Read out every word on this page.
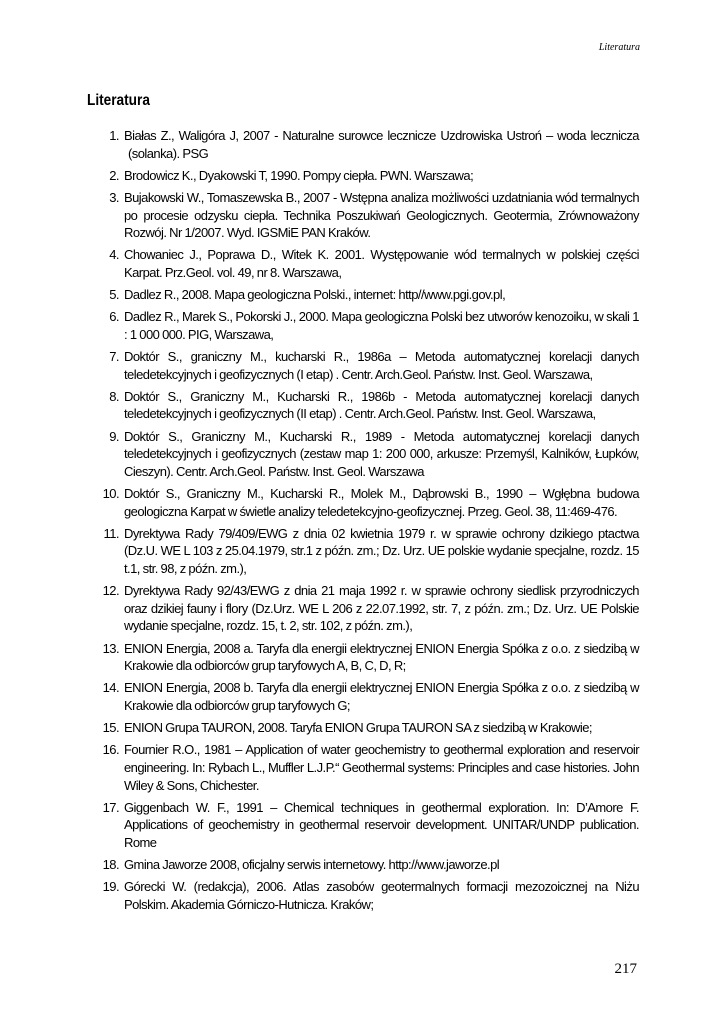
Literatura
Literatura
1. Białas Z., Waligóra J, 2007 - Naturalne surowce lecznicze Uzdrowiska Ustroń – woda lecznicza (solanka). PSG
2. Brodowicz K., Dyakowski T, 1990. Pompy ciepła. PWN. Warszawa;
3. Bujakowski W., Tomaszewska B., 2007 - Wstępna analiza możliwości uzdatniania wód termalnych po procesie odzysku ciepła. Technika Poszukiwań Geologicznych. Geotermia, Zrównoważony Rozwój. Nr 1/2007. Wyd. IGSMiE PAN Kraków.
4. Chowaniec J., Poprawa D., Witek K. 2001. Występowanie wód termalnych w polskiej części Karpat. Prz.Geol. vol. 49, nr 8. Warszawa,
5. Dadlez R., 2008. Mapa geologiczna Polski., internet: http//www.pgi.gov.pl,
6. Dadlez R., Marek S., Pokorski J., 2000. Mapa geologiczna Polski bez utworów kenozoiku, w skali 1 : 1 000 000. PIG, Warszawa,
7. Doktór S., graniczny M., kucharski R., 1986a – Metoda automatycznej korelacji danych teledetekcyjnych i geofizycznych (I etap) . Centr. Arch.Geol. Państw. Inst. Geol. Warszawa,
8. Doktór S., Graniczny M., Kucharski R., 1986b - Metoda automatycznej korelacji danych teledetekcyjnych i geofizycznych (II etap) . Centr. Arch.Geol. Państw. Inst. Geol. Warszawa,
9. Doktór S., Graniczny M., Kucharski R., 1989 - Metoda automatycznej korelacji danych teledetekcyjnych i geofizycznych (zestaw map 1: 200 000, arkusze: Przemyśl, Kalników, Łupków, Cieszyn). Centr. Arch.Geol. Państw. Inst. Geol. Warszawa
10. Doktór S., Graniczny M., Kucharski R., Molek M., Dąbrowski B., 1990 – Wgłębna budowa geologiczna Karpat w świetle analizy teledetekcyjno-geofizycznej. Przeg. Geol. 38, 11:469-476.
11. Dyrektywa Rady 79/409/EWG z dnia 02 kwietnia 1979 r. w sprawie ochrony dzikiego ptactwa (Dz.U. WE L 103 z 25.04.1979, str.1 z późn. zm.; Dz. Urz. UE polskie wydanie specjalne, rozdz. 15 t.1, str. 98, z późn. zm.),
12. Dyrektywa Rady 92/43/EWG z dnia 21 maja 1992 r. w sprawie ochrony siedlisk przyrodniczych oraz dzikiej fauny i flory (Dz.Urz. WE L 206 z 22.07.1992, str. 7, z późn. zm.; Dz. Urz. UE Polskie wydanie specjalne, rozdz. 15, t. 2, str. 102, z późn. zm.),
13. ENION Energia, 2008 a. Taryfa dla energii elektrycznej ENION Energia Spółka z o.o. z siedzibą w Krakowie dla odbiorców grup taryfowych A, B, C, D, R;
14. ENION Energia, 2008 b. Taryfa dla energii elektrycznej ENION Energia Spółka z o.o. z siedzibą w Krakowie dla odbiorców grup taryfowych G;
15. ENION Grupa TAURON, 2008. Taryfa ENION Grupa TAURON SA z siedzibą w Krakowie;
16. Fournier R.O., 1981 – Application of water geochemistry to geothermal exploration and reservoir engineering. In: Rybach L., Muffler L.J.P.“ Geothermal systems: Principles and case histories. John Wiley & Sons, Chichester.
17. Giggenbach W. F., 1991 – Chemical techniques in geothermal exploration. In: D’Amore F. Applications of geochemistry in geothermal reservoir development. UNITAR/UNDP publication. Rome
18. Gmina Jaworze 2008, oficjalny serwis internetowy. http://www.jaworze.pl
19. Górecki W. (redakcja), 2006. Atlas zasobów geotermalnych formacji mezozoicznej na Niżu Polskim. Akademia Górniczo-Hutnicza. Kraków;
217
